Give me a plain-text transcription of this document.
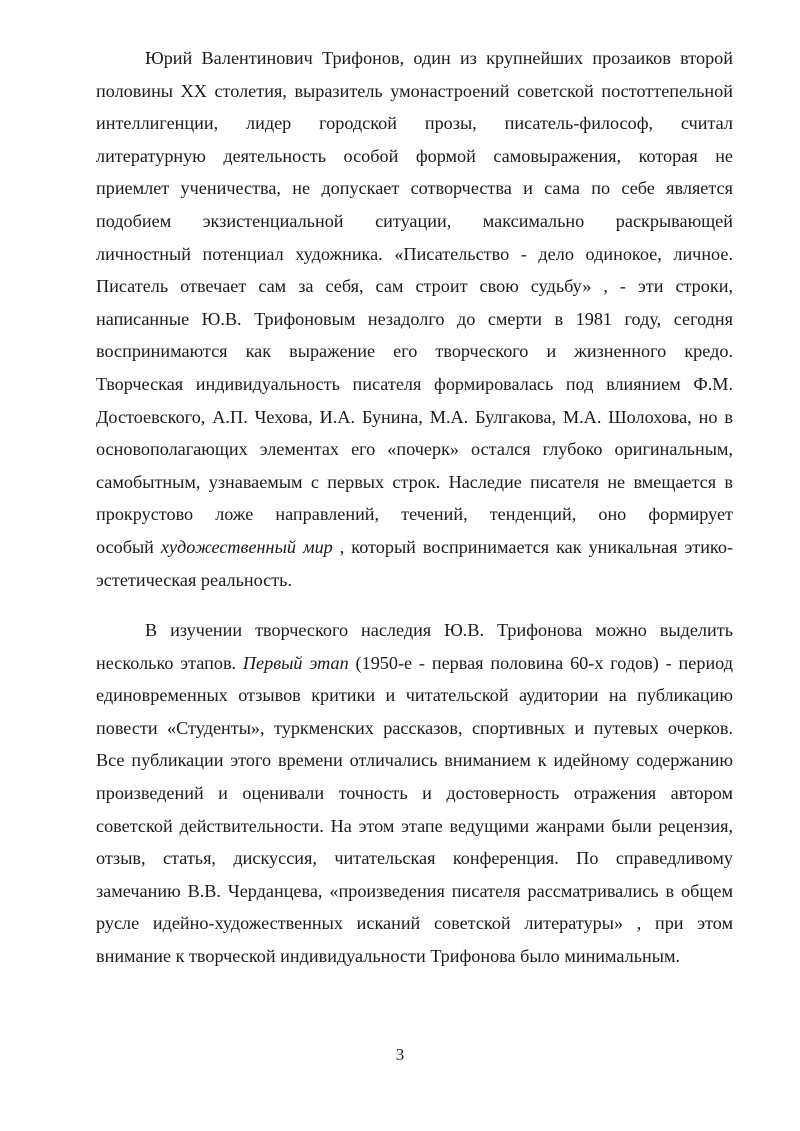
Юрий Валентинович Трифонов, один из крупнейших прозаиков второй
половины XX столетия, выразитель умонастроений советской постоттепельной
интеллигенции, лидер городской прозы, писатель-философ, считал
литературную деятельность особой формой самовыражения, которая не
приемлет ученичества, не допускает сотворчества и сама по себе является
подобием экзистенциальной ситуации, максимально раскрывающей
личностный потенциал художника. «Писательство - дело одинокое, личное.
Писатель отвечает сам за себя, сам строит свою судьбу» , - эти строки,
написанные Ю.В. Трифоновым незадолго до смерти в 1981 году, сегодня
воспринимаются как выражение его творческого и жизненного кредо.
Творческая индивидуальность писателя формировалась под влиянием Ф.М.
Достоевского, А.П. Чехова, И.А. Бунина, М.А. Булгакова, М.А. Шолохова, но в
основополагающих элементах его «почерк» остался глубоко оригинальным,
самобытным, узнаваемым с первых строк. Наследие писателя не вмещается в
прокрустово ложе направлений, течений, тенденций, оно формирует
особый художественный мир , который воспринимается как уникальная этико-
эстетическая реальность.
В изучении творческого наследия Ю.В. Трифонова можно выделить
несколько этапов. Первый этап (1950-е - первая половина 60-х годов) - период
единовременных отзывов критики и читательской аудитории на публикацию
повести «Студенты», туркменских рассказов, спортивных и путевых очерков.
Все публикации этого времени отличались вниманием к идейному содержанию
произведений и оценивали точность и достоверность отражения автором
советской действительности. На этом этапе ведущими жанрами были рецензия,
отзыв, статья, дискуссия, читательская конференция. По справедливому
замечанию В.В. Черданцева, «произведения писателя рассматривались в общем
русле идейно-художественных исканий советской литературы» , при этом
внимание к творческой индивидуальности Трифонова было минимальным.
3
